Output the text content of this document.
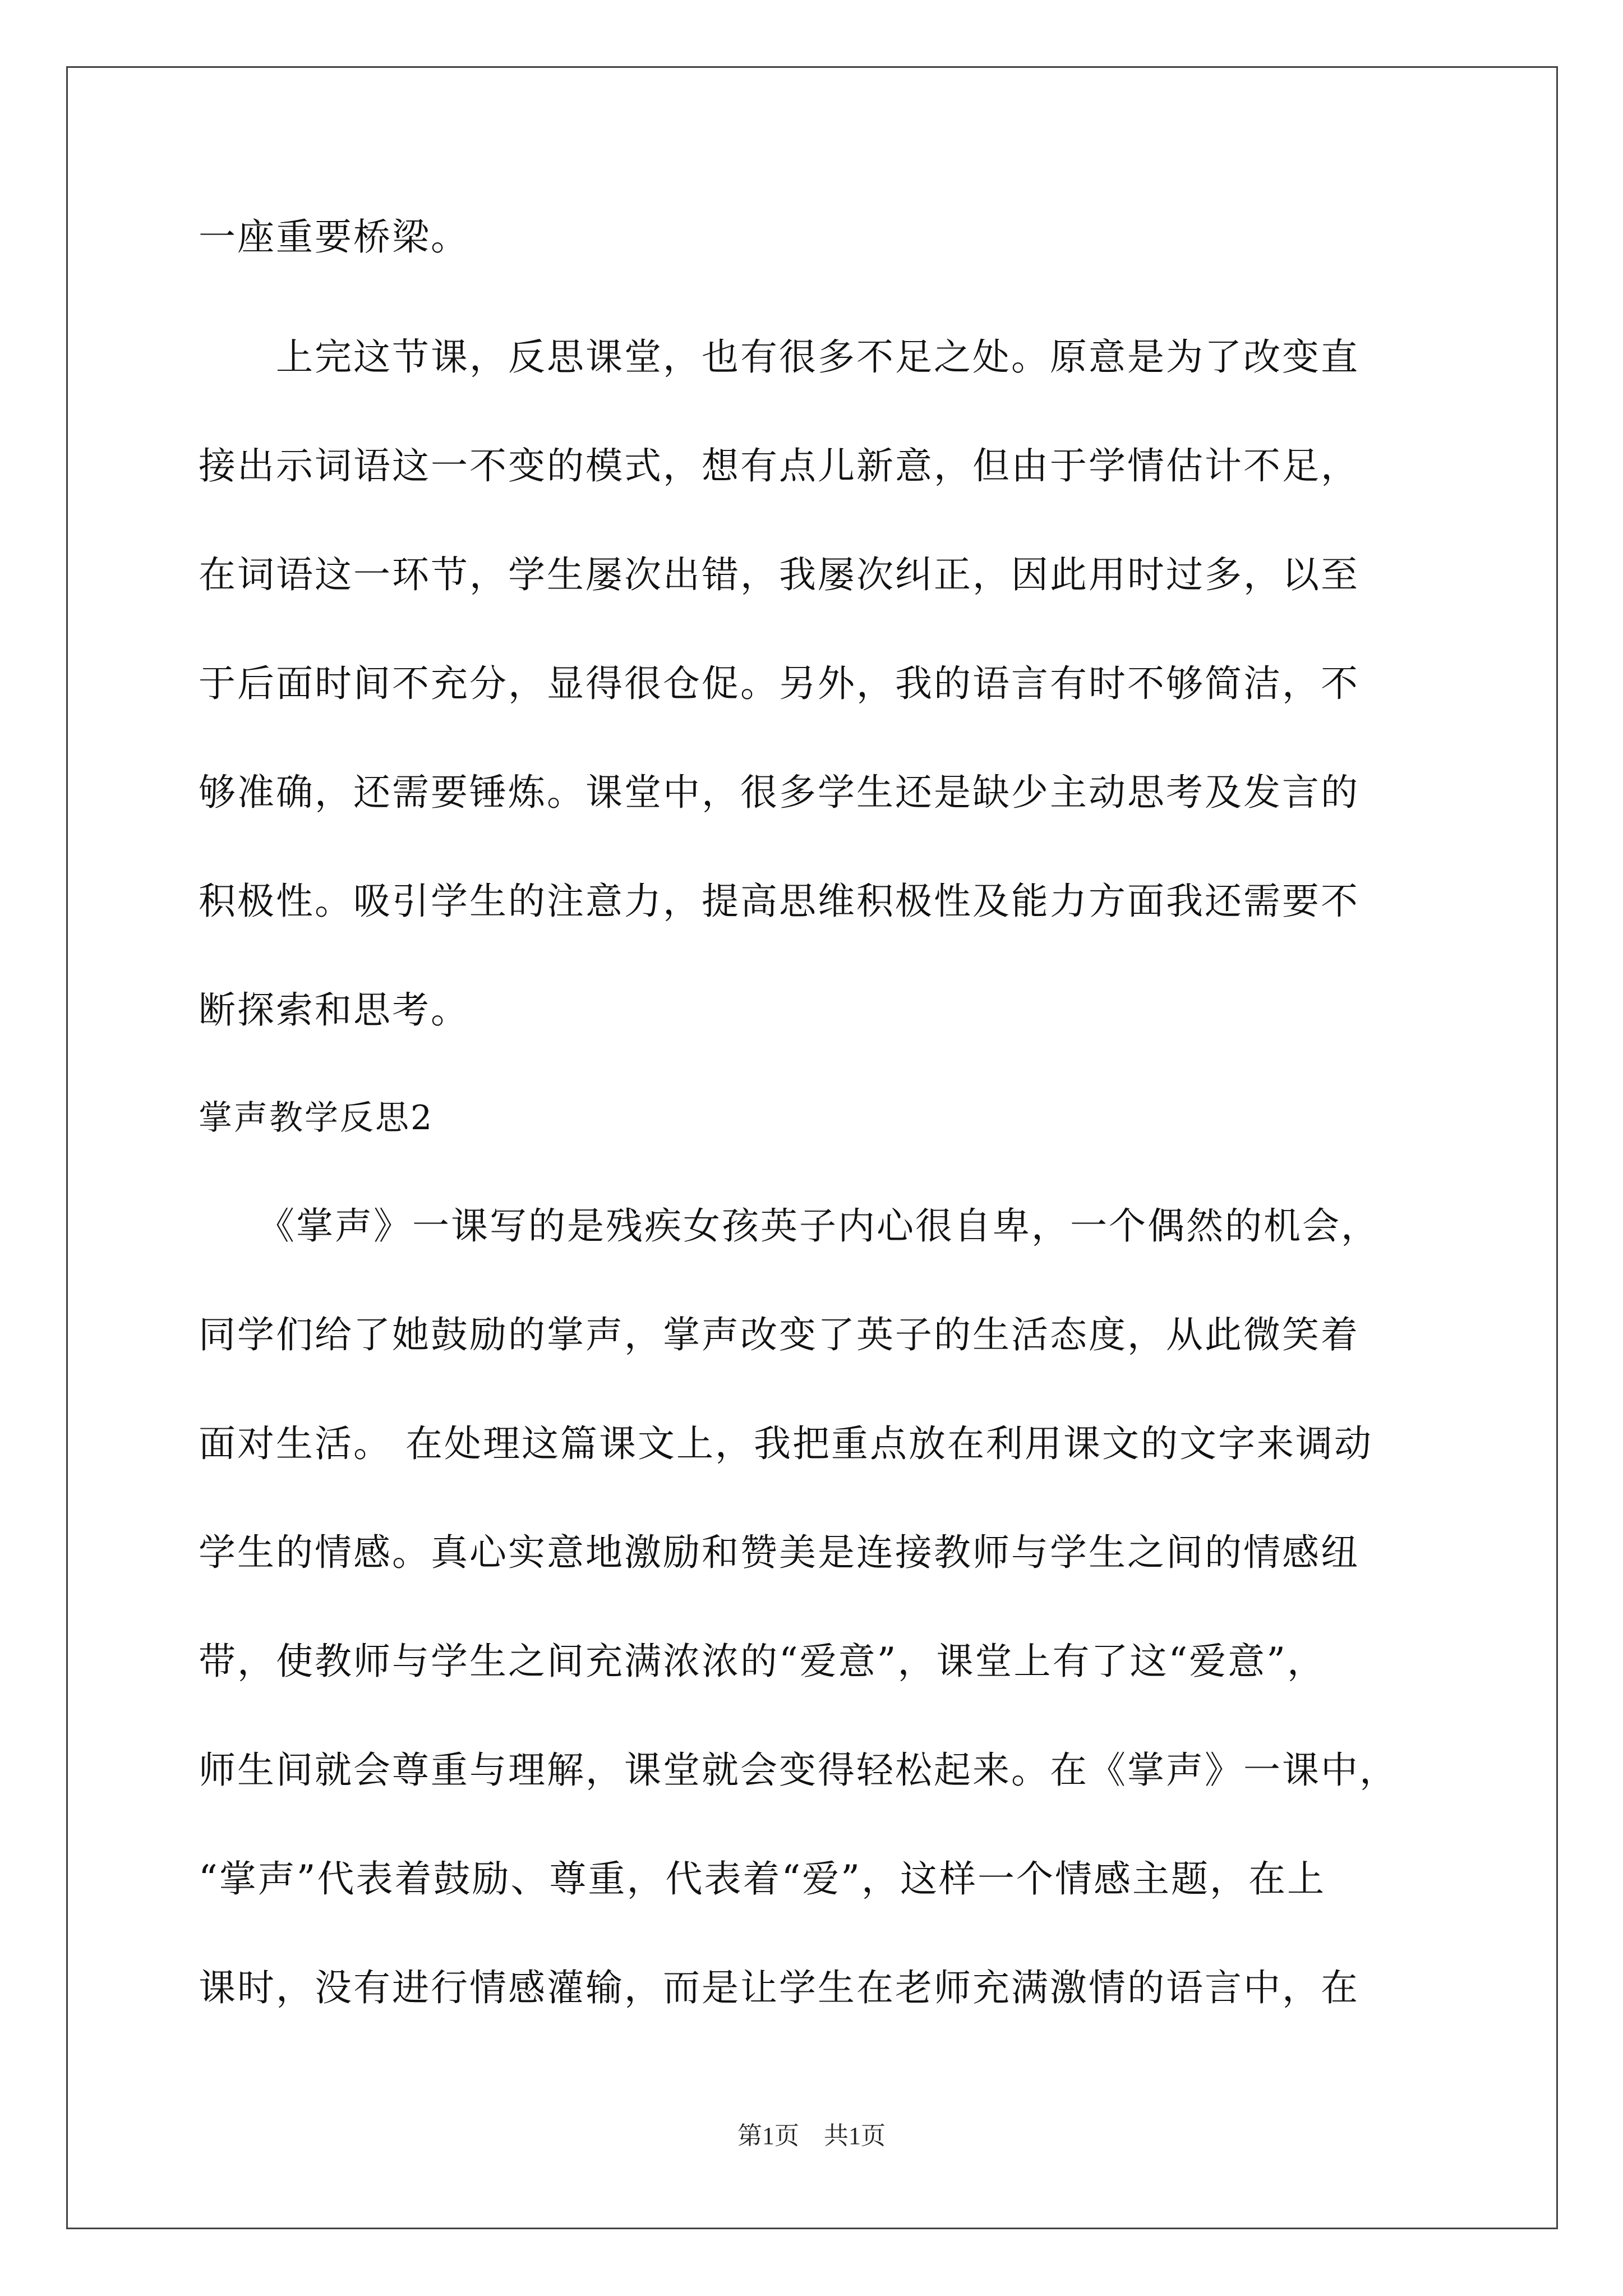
一座重要桥梁。
　　上完这节课，反思课堂，也有很多不足之处。原意是为了改变直
接出示词语这一不变的模式，想有点儿新意，但由于学情估计不足，
在词语这一环节，学生屡次出错，我屡次纠正，因此用时过多，以至
于后面时间不充分，显得很仓促。另外，我的语言有时不够简洁，不
够准确，还需要锤炼。课堂中，很多学生还是缺少主动思考及发言的
积极性。吸引学生的注意力，提高思维积极性及能力方面我还需要不
断探索和思考。
掌声教学反思2
　　《掌声》一课写的是残疾女孩英子内心很自卑，一个偶然的机会，
同学们给了她鼓励的掌声，掌声改变了英子的生活态度，从此微笑着
面对生活。 在处理这篇课文上，我把重点放在利用课文的文字来调动
学生的情感。真心实意地激励和赞美是连接教师与学生之间的情感纽
带，使教师与学生之间充满浓浓的“爱意”，课堂上有了这“爱意”，
师生间就会尊重与理解，课堂就会变得轻松起来。在《掌声》一课中，
“掌声”代表着鼓励、尊重，代表着“爱”，这样一个情感主题，在上
课时，没有进行情感灌输，而是让学生在老师充满激情的语言中，在
第1页　共1页
